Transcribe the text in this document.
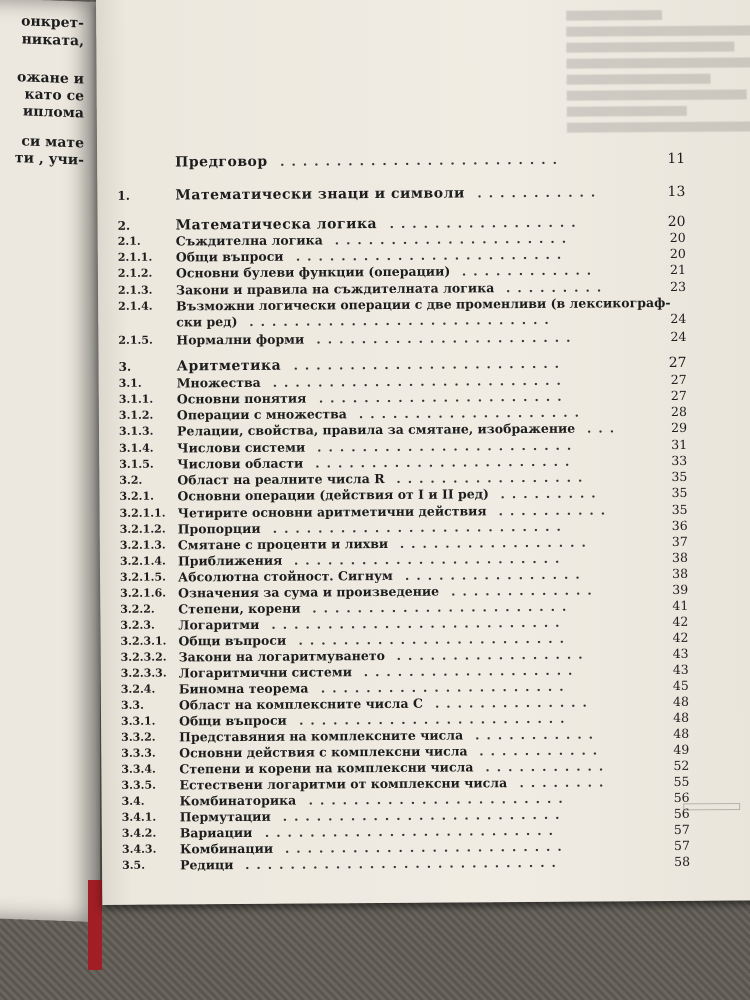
онкрет-
никата,
ожане и
като се
иплома
си мате
ти , учи-	Предговор .........................	11
1.	Математически знаци и символи ...........	13
2.	Математическа логика .................	20
2.1.	Съждителна логика .....................	20
2.1.1.	Общи въпроси ........................	20
2.1.2.	Основни булеви функции (операции) ............	21
2.1.3.	Закони и правила на съждителната логика .........	23
2.1.4.	Възможни логически операции с две променливи (в лексикограф-
ски ред) ...........................	24
2.1.5.	Нормални форми .......................	24
3.	Аритметика ........................	27
3.1.	Множества ..........................	27
3.1.1.	Основни понятия ......................	27
3.1.2.	Операции с множества ....................	28
3.1.3.	Релации, свойства, правила за смятане, изображение ...	29
3.1.4.	Числови системи .......................	31
3.1.5.	Числови области .......................	33
3.2.	Област на реалните числа R .................	35
3.2.1.	Основни операции (действия от I и II ред) .........	35
3.2.1.1. Четирите основни аритметични действия ..........	35
3.2.1.2. Пропорции ..........................	36
3.2.1.3. Смятане с проценти и лихви .................	37
3.2.1.4. Приближения ........................	38
3.2.1.5. Абсолютна стойност. Сигнум ................	38
3.2.1.6. Означения за сума и произведение .............	39
3.2.2.	Степени, корени .......................	41
3.2.3.	Логаритми ..........................	42
3.2.3.1. Общи въпроси ........................	42
3.2.3.2. Закони на логаритмуването .................	43
3.2.3.3. Логаритмични системи ...................	43
3.2.4.	Биномна теорема ......................	45
3.3.	Област на комплексните числа C ..............	48
3.3.1.	Общи въпроси ........................	48
3.3.2.	Представяния на комплексните числа ...........	48
3.3.3.	Основни действия с комплексни числа ...........	49
3.3.4.	Степени и корени на комплексни числа ...........	52
3.3.5.	Естествени логаритми от комплексни числа ........	55
3.4.	Комбинаторика .......................	56
3.4.1.	Пермутации .........................	56
3.4.2.	Вариации ..........................	57
3.4.3.	Комбинации .........................	57
3.5.	Редици ............................	58
